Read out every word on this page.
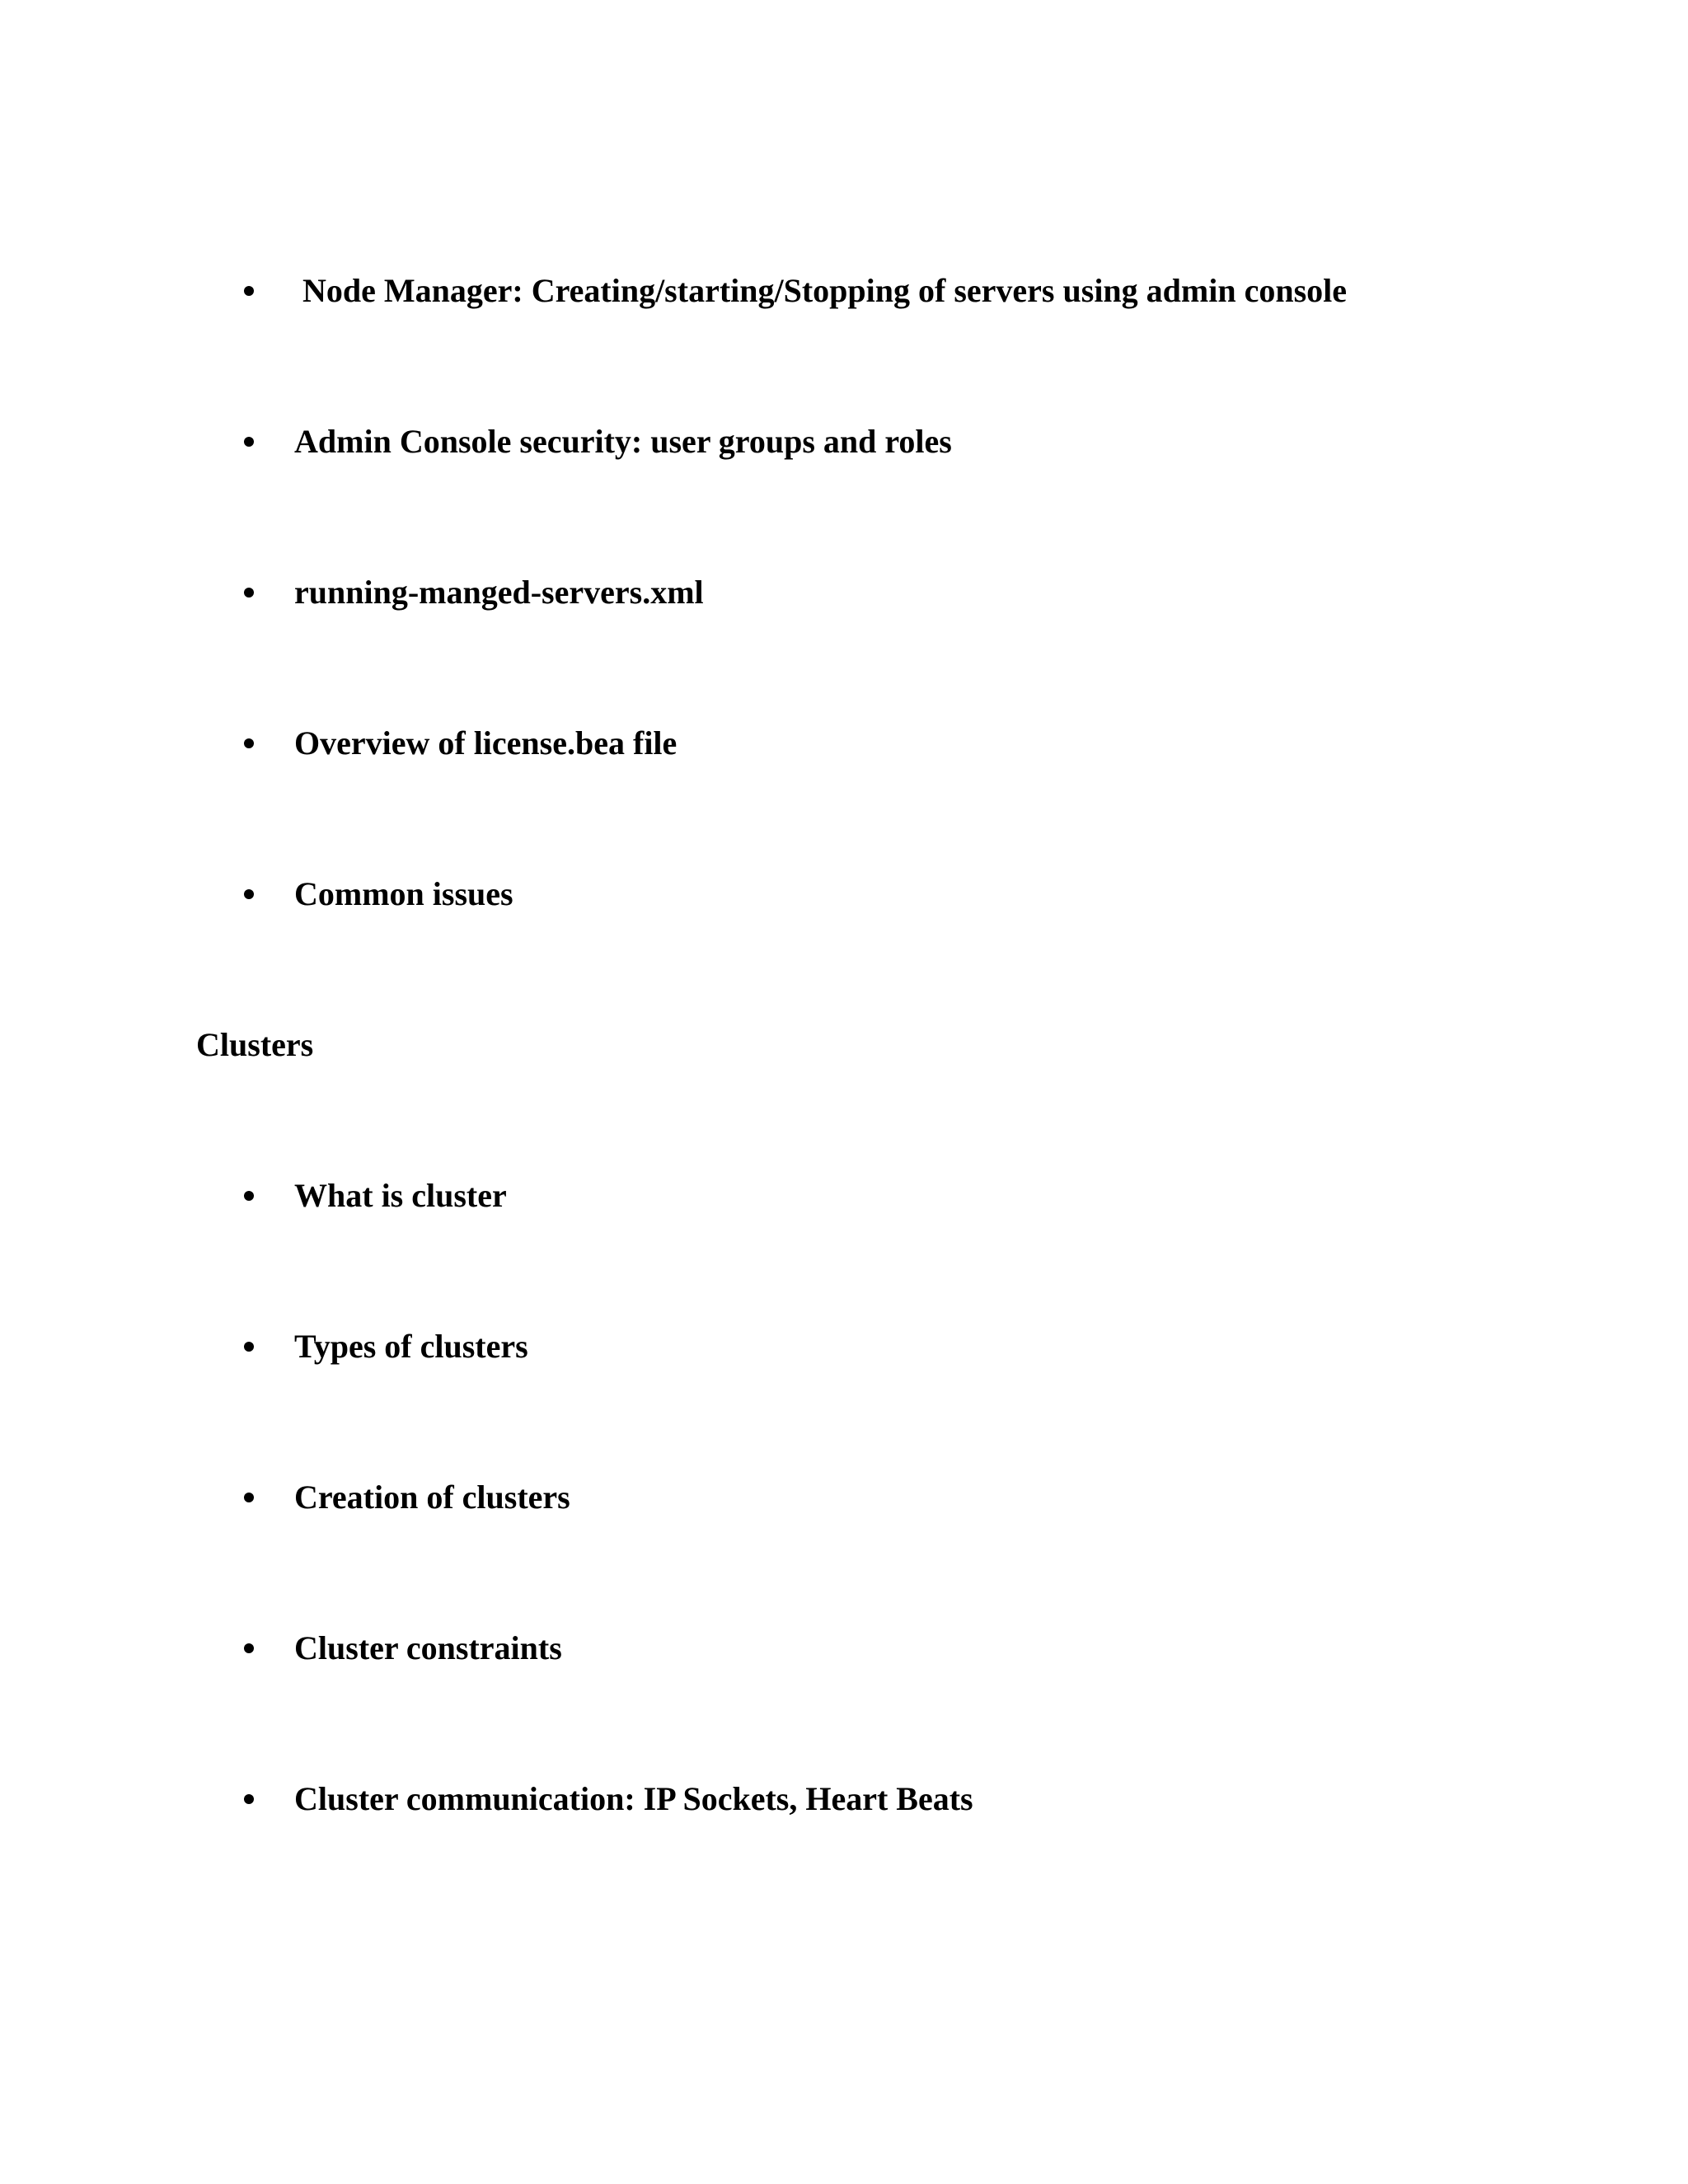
Node Manager: Creating/starting/Stopping of servers using admin console
Admin Console security: user groups and roles
running-manged-servers.xml
Overview of license.bea file
Common issues
Clusters
What is cluster
Types of clusters
Creation of clusters
Cluster constraints
Cluster communication: IP Sockets, Heart Beats
